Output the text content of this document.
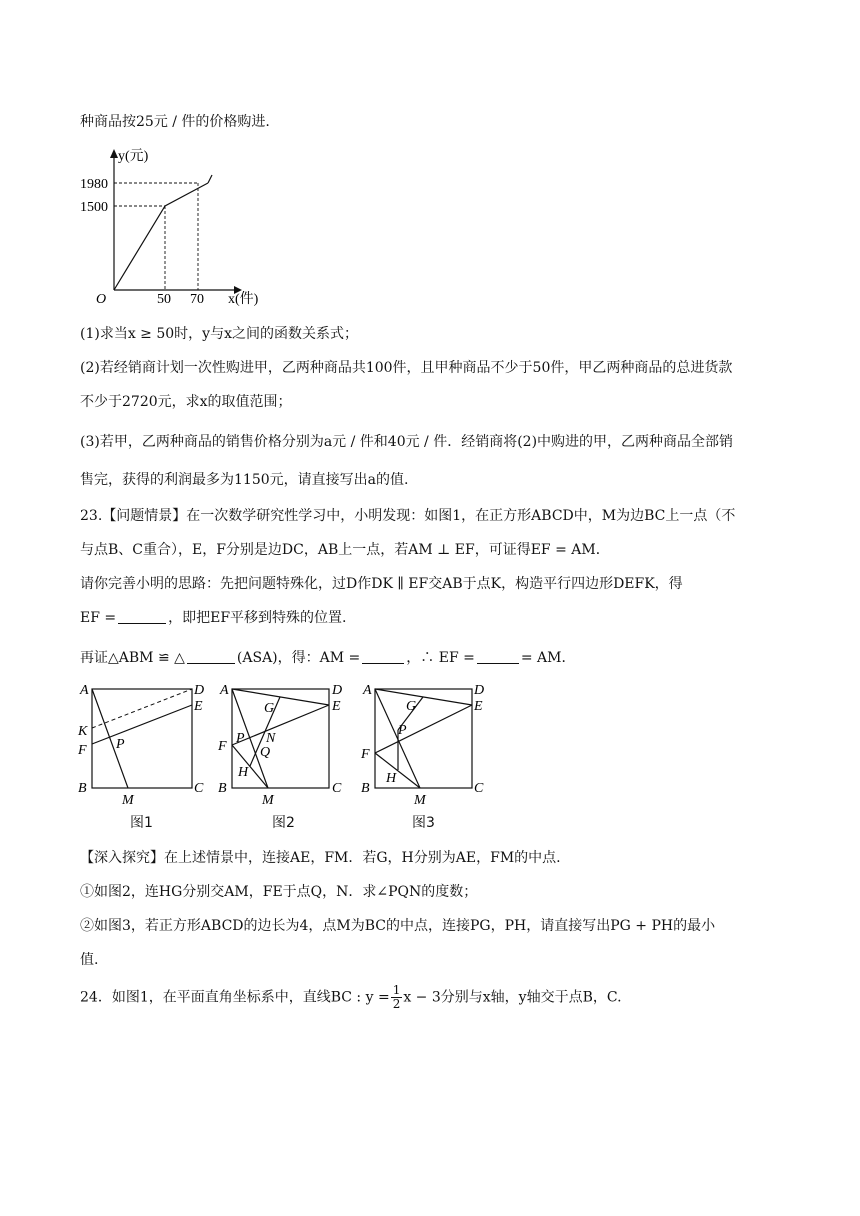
种商品按25元 / 件的价格购进.
y(元)
1980
1500
O	50 70 x(件)
(1)求当x ≥ 50时，y与x之间的函数关系式；
(2)若经销商计划一次性购进甲，乙两种商品共100件，且甲种商品不少于50件，甲乙两种商品的总进货款
不少于2720元，求x的取值范围；
(3)若甲，乙两种商品的销售价格分别为a元 / 件和40元 / 件．经销商将(2)中购进的甲，乙两种商品全部销
售完，获得的利润最多为1150元，请直接写出a的值.
23.【问题情景】在一次数学研究性学习中，小明发现：如图1，在正方形ABCD中，M为边BC上一点（不
与点B、C重合），E，F分别是边DC，AB上一点，若AM ⊥ EF，可证得EF = AM．
请你完善小明的思路：先把问题特殊化，过D作DK ∥ EF交AB于点K，构造平行四边形DEFK，得
EF =	，即把EF平移到特殊的位置.
再证△ABM ≌ △	(ASA)，得：AM =	，∴ EF =	= AM．
A	D
E
K
F P
B
M
C
图1
A	D
G	E
F
P N
Q
H
B
M
C
图2
A	D
G	E
P
F
H
B
M
C
图3
【深入探究】在上述情景中，连接AE，FM．若G，H分别为AE，FM的中点.
①如图2，连HG分别交AM，FE于点Q，N．求∠PQN的度数；
②如图3，若正方形ABCD的边长为4，点M为BC的中点，连接PG，PH，请直接写出PG + PH的最小
值.
24．如图1，在平面直角坐标系中，直线BC : $y = \frac{1}{2}$ x − 3分别与x轴，y轴交于点B，C.
